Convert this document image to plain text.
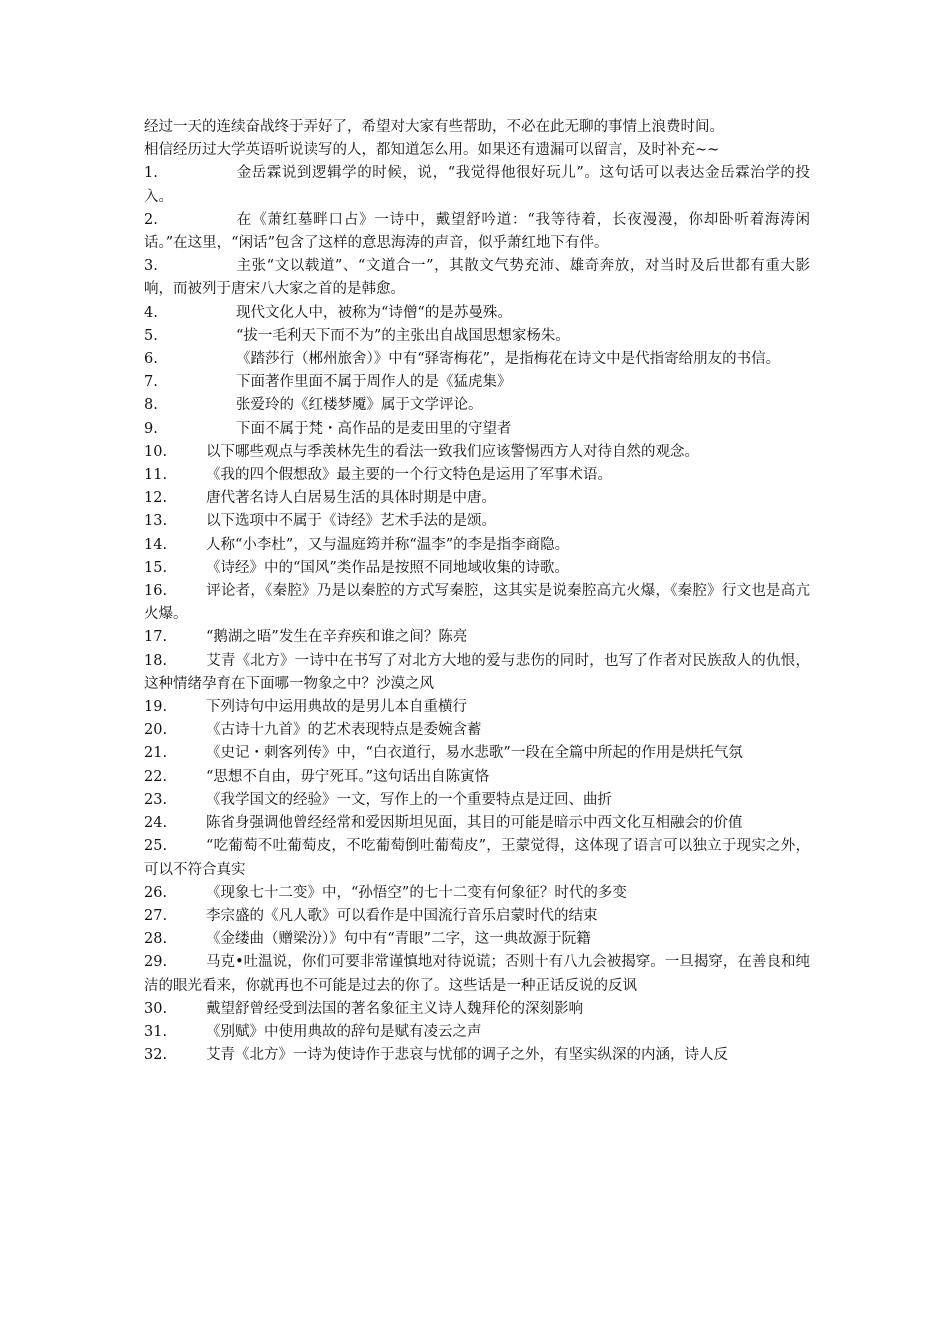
经过一天的连续奋战终于弄好了，希望对大家有些帮助，不必在此无聊的事情上浪费时间。
相信经历过大学英语听说读写的人，都知道怎么用。如果还有遗漏可以留言，及时补充~~
1.	金岳霖说到逻辑学的时候，说，“我觉得他很好玩儿”。这句话可以表达金岳霖治学的投入。
2.	在《萧红墓畔口占》一诗中，戴望舒吟道：“我等待着，长夜漫漫，你却卧听着海涛闲话。”在这里，“闲话”包含了这样的意思海涛的声音，似乎萧红地下有伴。
3.	主张“文以载道”、“文道合一”，其散文气势充沛、雄奇奔放，对当时及后世都有重大影响，而被列于唐宋八大家之首的是韩愈。
4.	现代文化人中，被称为“诗僧“的是苏曼殊。
5.	“拔一毛利天下而不为”的主张出自战国思想家杨朱。
6.	《踏莎行（郴州旅舍）》中有“驿寄梅花”，是指梅花在诗文中是代指寄给朋友的书信。
7.	下面著作里面不属于周作人的是《猛虎集》
8.	张爱玲的《红楼梦魇》属于文学评论。
9.	下面不属于梵・高作品的是麦田里的守望者
10.	以下哪些观点与季羡林先生的看法一致我们应该警惕西方人对待自然的观念。
11.	《我的四个假想敌》最主要的一个行文特色是运用了军事术语。
12.	唐代著名诗人白居易生活的具体时期是中唐。
13.	以下选项中不属于《诗经》艺术手法的是颂。
14.	人称“小李杜”，又与温庭筠并称“温李”的李是指李商隐。
15.	《诗经》中的“国风”类作品是按照不同地域收集的诗歌。
16.	评论者，《秦腔》乃是以秦腔的方式写秦腔，这其实是说秦腔高亢火爆，《秦腔》行文也是高亢火爆。
17.	“鹅湖之晤”发生在辛弃疾和谁之间？陈亮
18.	艾青《北方》一诗中在书写了对北方大地的爱与悲伤的同时，也写了作者对民族敌人的仇恨，这种情绪孕育在下面哪一物象之中？沙漠之风
19.	下列诗句中运用典故的是男儿本自重横行
20.	《古诗十九首》的艺术表现特点是委婉含蓄
21.	《史记・刺客列传》中，“白衣道行，易水悲歌”一段在全篇中所起的作用是烘托气氛
22.	“思想不自由，毋宁死耳。”这句话出自陈寅恪
23.	《我学国文的经验》一文，写作上的一个重要特点是迂回、曲折
24.	陈省身强调他曾经经常和爱因斯坦见面，其目的可能是暗示中西文化互相融会的价值
25.	“吃葡萄不吐葡萄皮，不吃葡萄倒吐葡萄皮”，王蒙觉得，这体现了语言可以独立于现实之外，可以不符合真实
26.	《现象七十二变》中，“孙悟空”的七十二变有何象征？时代的多变
27.	李宗盛的《凡人歌》可以看作是中国流行音乐启蒙时代的结束
28.	《金缕曲（赠梁汾）》句中有“青眼”二字，这一典故源于阮籍
29.	马克•吐温说，你们可要非常谨慎地对待说谎；否则十有八九会被揭穿。一旦揭穿，在善良和纯洁的眼光看来，你就再也不可能是过去的你了。这些话是一种正话反说的反讽
30.	戴望舒曾经受到法国的著名象征主义诗人魏拜伦的深刻影响
31.	《别赋》中使用典故的辞句是赋有凌云之声
32.	艾青《北方》一诗为使诗作于悲哀与忧郁的调子之外，有坚实纵深的内涵，诗人反
